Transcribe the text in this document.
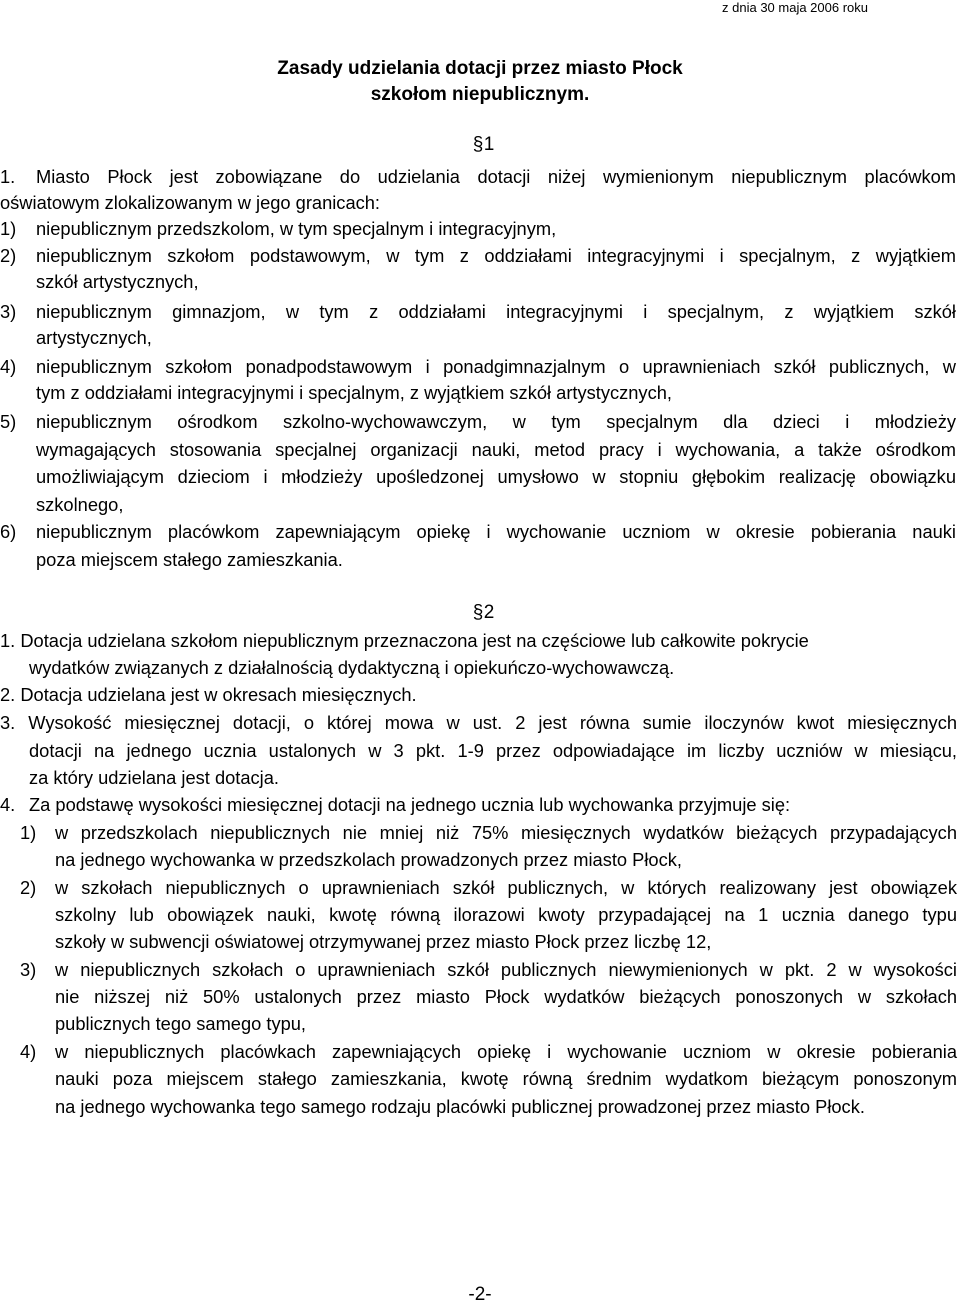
z dnia 30 maja 2006 roku
Zasady udzielania dotacji przez miasto Płock
szkołom niepublicznym.
§ 1
1. Miasto Płock jest zobowiązane do udzielania dotacji niżej wymienionym niepublicznym placówkom
oświatowym zlokalizowanym w jego granicach:
1) niepublicznym przedszkolom, w tym specjalnym i integracyjnym,
2) niepublicznym szkołom podstawowym, w tym z oddziałami integracyjnymi i specjalnym, z wyjątkiem
szkół artystycznych,
3) niepublicznym gimnazjom, w tym z oddziałami integracyjnymi i specjalnym, z wyjątkiem szkół
artystycznych,
4) niepublicznym szkołom ponadpodstawowym i ponadgimnazjalnym o uprawnieniach szkół publicznych, w
tym z oddziałami integracyjnymi i specjalnym, z wyjątkiem szkół artystycznych,
5) niepublicznym ośrodkom szkolno-wychowawczym, w tym specjalnym dla dzieci i młodzieży
wymagających stosowania specjalnej organizacji nauki, metod pracy i wychowania, a także ośrodkom
umożliwiającym dzieciom i młodzieży upośledzonej umysłowo w stopniu głębokim realizację obowiązku
szkolnego,
6) niepublicznym placówkom zapewniającym opiekę i wychowanie uczniom w okresie pobierania nauki
poza miejscem stałego zamieszkania.
§ 2
1. Dotacja udzielana szkołom niepublicznym przeznaczona jest na częściowe lub całkowite pokrycie
wydatków związanych z działalnością dydaktyczną i opiekuńczo-wychowawczą.
2. Dotacja udzielana jest w okresach miesięcznych.
3. Wysokość miesięcznej dotacji, o której mowa w ust. 2 jest równa sumie iloczynów kwot miesięcznych
dotacji na jednego ucznia ustalonych w 3 pkt. 1-9 przez odpowiadające im liczby uczniów w miesiącu,
za który udzielana jest dotacja.
4. Za podstawę wysokości miesięcznej dotacji na jednego ucznia lub wychowanka przyjmuje się:
1) w przedszkolach niepublicznych nie mniej niż 75% miesięcznych wydatków bieżących przypadających
na jednego wychowanka w przedszkolach prowadzonych przez miasto Płock,
2) w szkołach niepublicznych o uprawnieniach szkół publicznych, w których realizowany jest obowiązek
szkolny lub obowiązek nauki, kwotę równą ilorazowi kwoty przypadającej na 1 ucznia danego typu
szkoły w subwencji oświatowej otrzymywanej przez miasto Płock przez liczbę 12,
3) w niepublicznych szkołach o uprawnieniach szkół publicznych niewymienionych w pkt. 2 w wysokości
nie niższej niż 50% ustalonych przez miasto Płock wydatków bieżących ponoszonych w szkołach
publicznych tego samego typu,
4) w niepublicznych placówkach zapewniających opiekę i wychowanie uczniom w okresie pobierania
nauki poza miejscem stałego zamieszkania, kwotę równą średnim wydatkom bieżącym ponoszonym
na jednego wychowanka tego samego rodzaju placówki publicznej prowadzonej przez miasto Płock.
-2-
